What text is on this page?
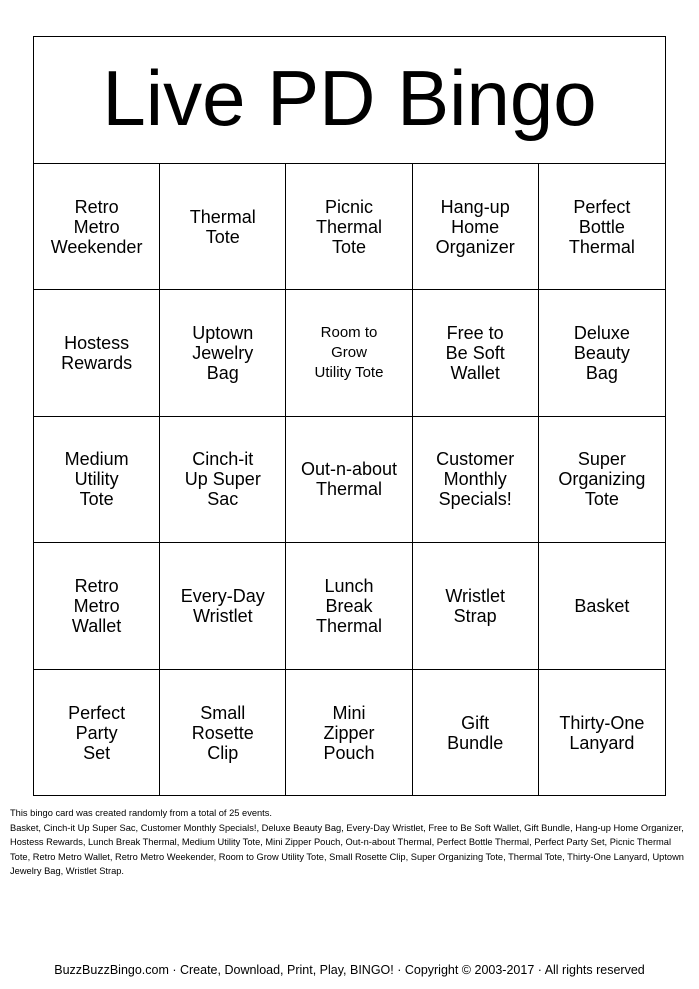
Live PD Bingo
Retro
Metro
Weekender
Thermal
Tote
Picnic
Thermal
Tote
Hang-up
Home
Organizer
Perfect
Bottle
Thermal
Hostess
Rewards
Uptown
Jewelry
Bag
Room to
Grow
Utility Tote
Free to
Be Soft
Wallet
Deluxe
Beauty
Bag
Medium
Utility
Tote
Cinch-it
Up Super
Sac
Out-n-about
Thermal
Customer
Monthly
Specials!
Super
Organizing
Tote
Retro
Metro
Wallet
Every-Day
Wristlet
Lunch
Break
Thermal
Wristlet
Strap	Basket
Perfect
Party
Set
Small
Rosette
Clip
Mini
Zipper
Pouch
Gift
Bundle
Thirty-One
Lanyard
This bingo card was created randomly from a total of 25 events.
Basket, Cinch-it Up Super Sac, Customer Monthly Specials!, Deluxe Beauty Bag, Every-Day Wristlet, Free to Be Soft Wallet, Gift Bundle, Hang-up Home Organizer, Hostess Rewards, Lunch Break Thermal, Medium Utility Tote, Mini Zipper Pouch, Out-n-about Thermal, Perfect Bottle Thermal, Perfect Party Set, Picnic Thermal Tote, Retro Metro Wallet, Retro Metro Weekender, Room to Grow Utility Tote, Small Rosette Clip, Super Organizing Tote, Thermal Tote, Thirty-One Lanyard, Uptown Jewelry Bag, Wristlet Strap.
BuzzBuzzBingo.com · Create, Download, Print, Play, BINGO! · Copyright © 2003-2017 · All rights reserved
